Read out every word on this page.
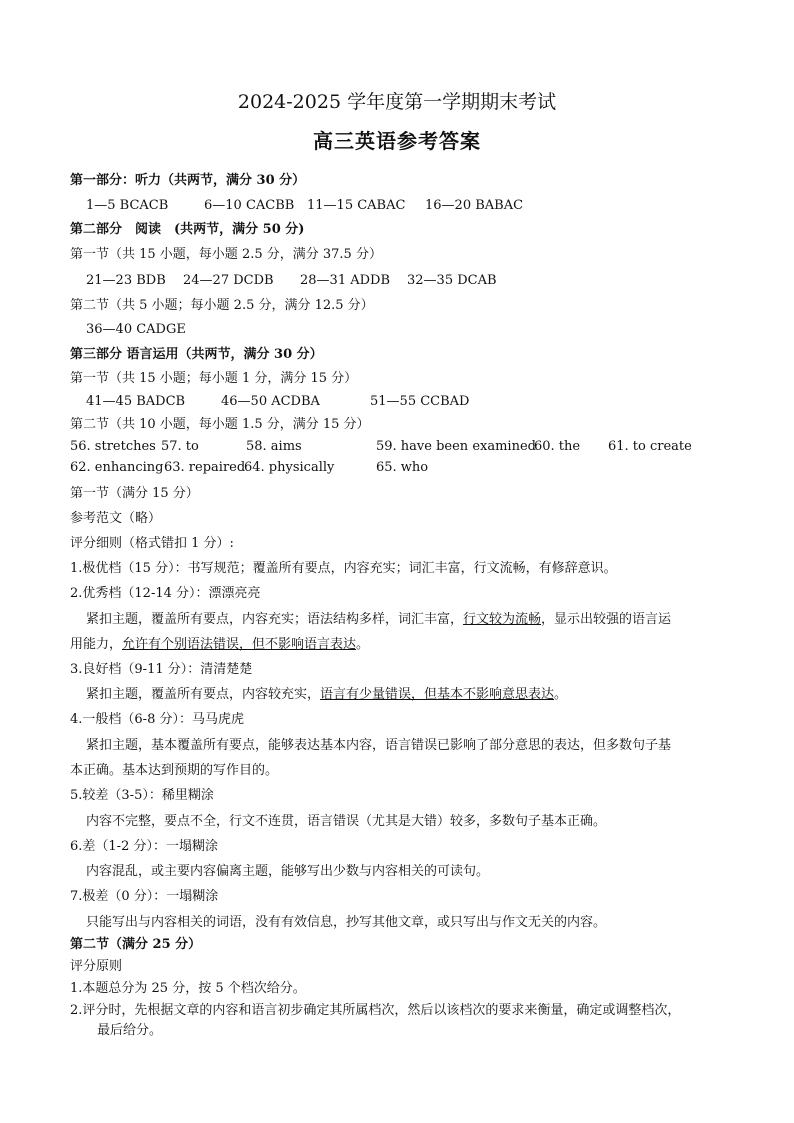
2024-2025 学年度第一学期期末考试
高三英语参考答案
第一部分：听力（共两节，满分 30 分）
1—5 BCACB	6—10 CACBB 11—15 CABAC 16—20 BABAC
第二部分　阅读　(共两节，满分 50 分)
第一节（共 15 小题，每小题 2.5 分，满分 37.5 分）
21—23 BDB 24—27 DCDB 28—31 ADDB 32—35 DCAB
第二节（共 5 小题；每小题 2.5 分，满分 12.5 分）
36—40 CADGE
第三部分 语言运用（共两节，满分 30 分）
第一节（共 15 小题；每小题 1 分，满分 15 分）
41—45 BADCB	46—50 ACDBA	51—55 CCBAD
第二节（共 10 小题，每小题 1.5 分，满分 15 分）
56. stretches 57. to	58. aims	59. have been examined
60. the 61. to create
62. enhancing 63. repaired
64. physically	65. who
第一节（满分 15 分）
参考范文（略）
评分细则（格式错扣 1 分）:
1.极优档（15 分）：书写规范；覆盖所有要点，内容充实；词汇丰富，行文流畅，有修辞意识。
2.优秀档（12-14 分）：漂漂亮亮
紧扣主题，覆盖所有要点，内容充实；语法结构多样，词汇丰富，行文较为流畅，显示出较强的语言运
用能力，允许有个别语法错误，但不影响语言表达。
3.良好档（9-11 分）：清清楚楚
紧扣主题，覆盖所有要点，内容较充实，语言有少量错误，但基本不影响意思表达。
4.一般档（6-8 分）：马马虎虎
紧扣主题，基本覆盖所有要点，能够表达基本内容，语言错误已影响了部分意思的表达，但多数句子基
本正确。基本达到预期的写作目的。
5.较差（3-5）：稀里糊涂
内容不完整，要点不全，行文不连贯，语言错误（尤其是大错）较多，多数句子基本正确。
6.差（1-2 分）：一塌糊涂
内容混乱，或主要内容偏离主题，能够写出少数与内容相关的可读句。
7.极差（0 分）：一塌糊涂
只能写出与内容相关的词语，没有有效信息，抄写其他文章，或只写出与作文无关的内容。
第二节（满分 25 分）
评分原则
1.本题总分为 25 分，按 5 个档次给分。
2.评分时，先根据文章的内容和语言初步确定其所属档次，然后以该档次的要求来衡量，确定或调整档次，
最后给分。
